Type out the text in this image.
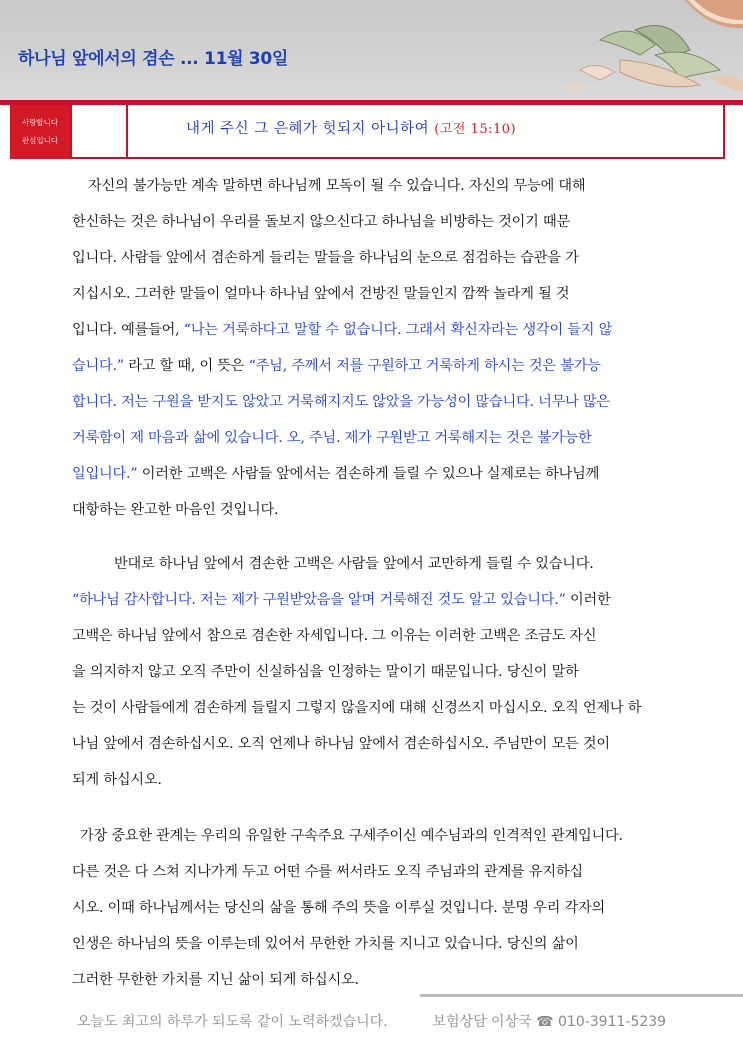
하나님 앞에서의 겸손 ... 11월 30일
사랑합니다
관심입니다
내게 주신 그 은혜가 헛되지 아니하여 (고전 15:10)
자신의 불가능만 계속 말하면 하나님께 모독이 될 수 있습니다. 자신의 무능에 대해
한신하는 것은 하나님이 우리를 돌보지 않으신다고 하나님을 비방하는 것이기 때문
입니다. 사람들 앞에서 겸손하게 들리는 말들을 하나님의 눈으로 점검하는 습관을 가
지십시오. 그러한 말들이 얼마나 하나님 앞에서 건방진 말들인지 깜짝 놀라게 될 것
입니다. 예를들어, “나는 거룩하다고 말할 수 없습니다. 그래서 확신자라는 생각이 들지 않
습니다.” 라고 할 때, 이 뜻은 “주님, 주께서 저를 구원하고 거룩하게 하시는 것은 불가능
합니다. 저는 구원을 받지도 않았고 거룩해지지도 않았을 가능성이 많습니다. 너무나 많은
거룩함이 제 마음과 삶에 있습니다. 오, 주님. 제가 구원받고 거룩해지는 것은 불가능한
일입니다.” 이러한 고백은 사람들 앞에서는 겸손하게 들릴 수 있으나 실제로는 하나님께
대항하는 완고한 마음인 것입니다.
반대로 하나님 앞에서 겸손한 고백은 사람들 앞에서 교만하게 들릴 수 있습니다.
“하나님 감사합니다. 저는 제가 구원받았음을 알며 거룩해진 것도 알고 있습니다.” 이러한
고백은 하나님 앞에서 참으로 겸손한 자세입니다. 그 이유는 이러한 고백은 조금도 자신
을 의지하지 않고 오직 주만이 신실하심을 인정하는 말이기 때문입니다. 당신이 말하
는 것이 사람들에게 겸손하게 들릴지 그렇지 않을지에 대해 신경쓰지 마십시오. 오직 언제나 하
나님 앞에서 겸손하십시오. 오직 언제나 하나님 앞에서 겸손하십시오. 주님만이 모든 것이
되게 하십시오.
가장 중요한 관계는 우리의 유일한 구속주요 구세주이신 예수님과의 인격적인 관계입니다.
다른 것은 다 스쳐 지나가게 두고 어떤 수를 써서라도 오직 주님과의 관계를 유지하십
시오. 이때 하나님께서는 당신의 삶을 통해 주의 뜻을 이루실 것입니다. 분명 우리 각자의
인생은 하나님의 뜻을 이루는데 있어서 무한한 가치를 지니고 있습니다. 당신의 삶이
그러한 무한한 가치를 지닌 삶이 되게 하십시오.
오늘도 최고의 하루가 되도록 같이 노력하겠습니다.	보험상담 이상국 ☎ 010-3911-5239
